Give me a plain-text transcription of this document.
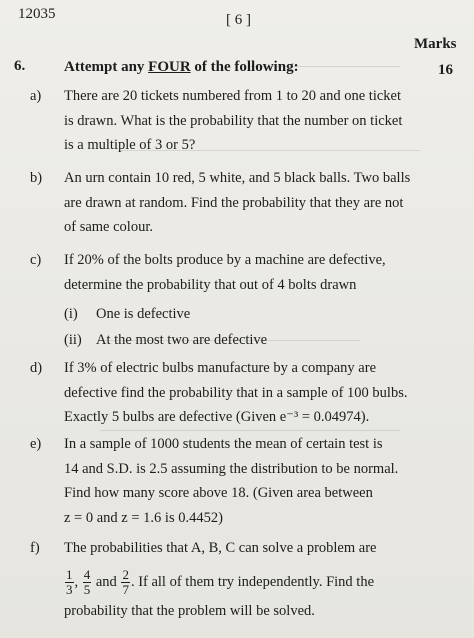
12035	[ 6 ]
Marks
6.	Attempt any FOUR of the following:	16
a) There are 20 tickets numbered from 1 to 20 and one ticket
is drawn. What is the probability that the number on ticket
is a multiple of 3 or 5?
b) An urn contain 10 red, 5 white, and 5 black balls. Two balls
are drawn at random. Find the probability that they are not
of same colour.
c) If 20% of the bolts produce by a machine are defective,
determine the probability that out of 4 bolts drawn
(i) One is defective
(ii) At the most two are defective
d) If 3% of electric bulbs manufacture by a company are
defective find the probability that in a sample of 100 bulbs.
Exactly 5 bulbs are defective (Given e⁻³ = 0.04974).
e) In a sample of 1000 students the mean of certain test is
14 and S.D. is 2.5 assuming the distribution to be normal.
Find how many score above 18. (Given area between
z = 0 and z = 1.6 is 0.4452)
f) The probabilities that A, B, C can solve a problem are
$\frac{1}{3}$ , $\frac{4}{5}$ and $\frac{2}{7}$ . If all of them try independently. Find the
probability that the problem will be solved.
